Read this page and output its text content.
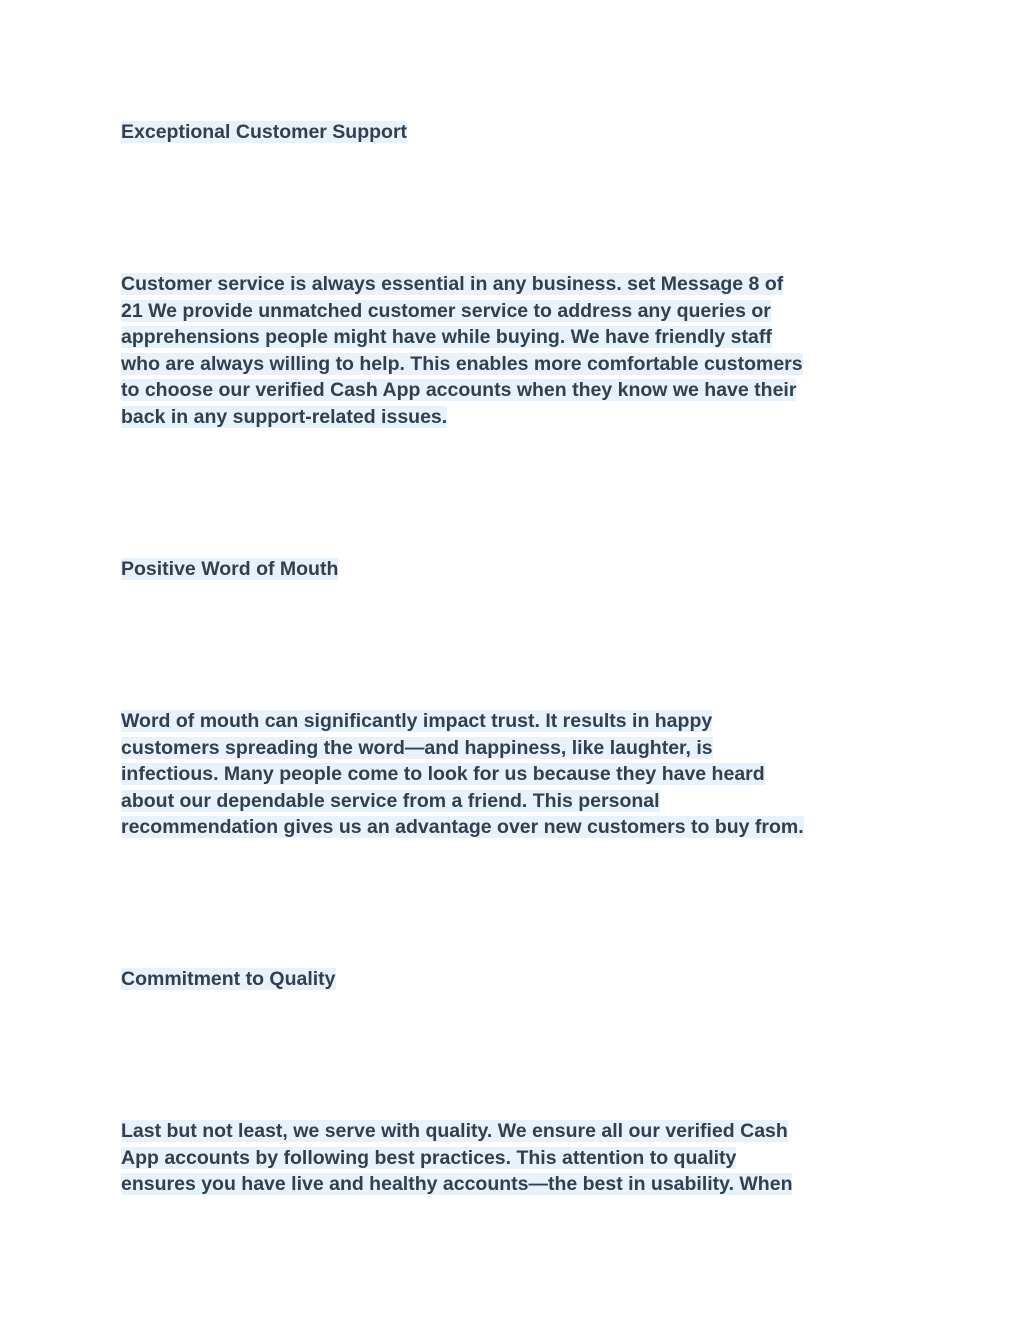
Exceptional Customer Support

Customer service is always essential in any business. set Message 8 of
21 We provide unmatched customer service to address any queries or
apprehensions people might have while buying. We have friendly staff
who are always willing to help. This enables more comfortable customers
to choose our verified Cash App accounts when they know we have their
back in any support-related issues.

Positive Word of Mouth

Word of mouth can significantly impact trust. It results in happy
customers spreading the word—and happiness, like laughter, is
infectious. Many people come to look for us because they have heard
about our dependable service from a friend. This personal
recommendation gives us an advantage over new customers to buy from.

Commitment to Quality

Last but not least, we serve with quality. We ensure all our verified Cash
App accounts by following best practices. This attention to quality
ensures you have live and healthy accounts—the best in usability. When
